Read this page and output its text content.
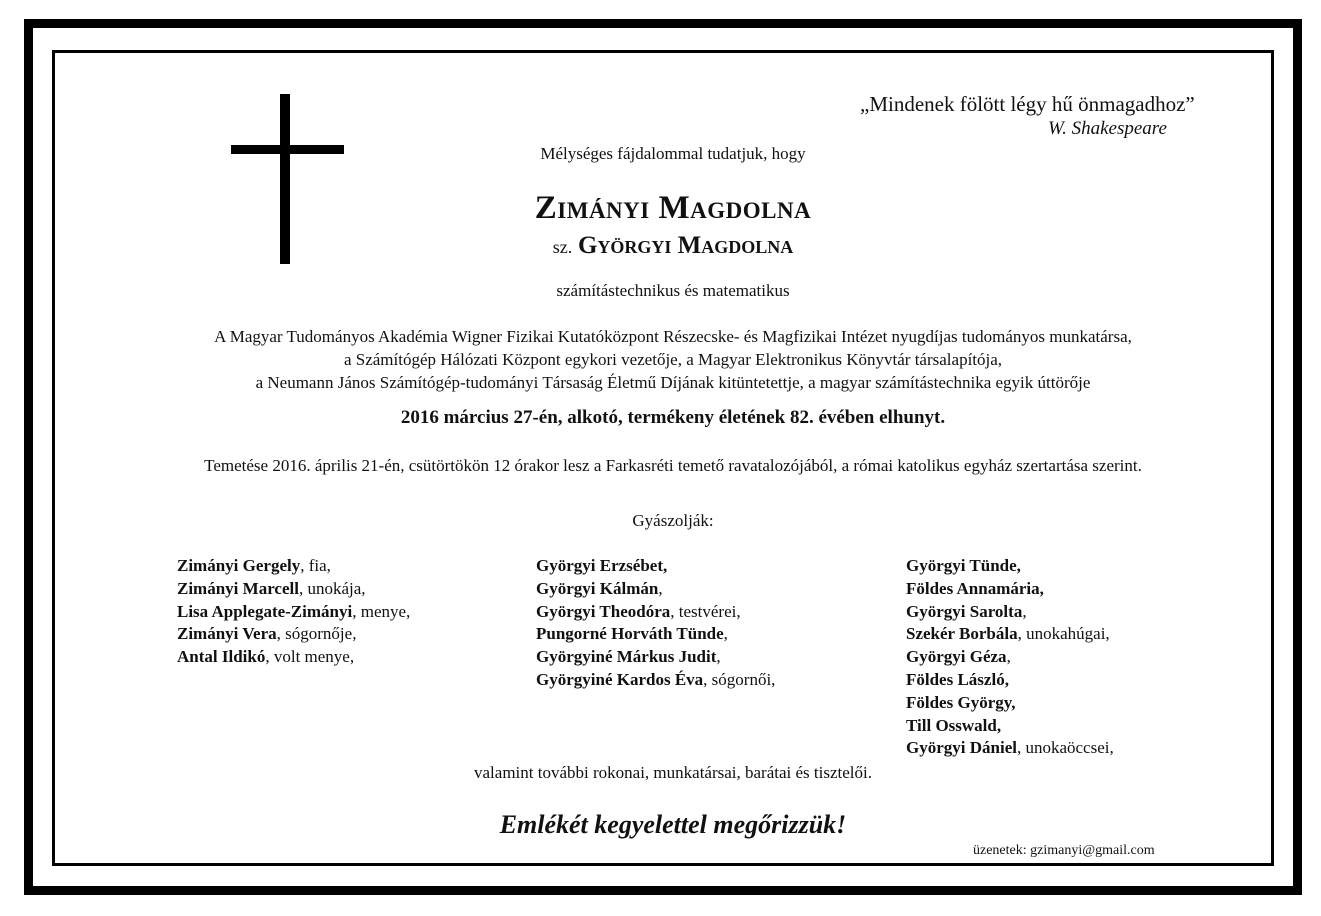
„Mindenek fölött légy hű önmagadhoz”
W. Shakespeare
Mélységes fájdalommal tudatjuk, hogy
Zimányi Magdolna
sz. Györgyi Magdolna
számítástechnikus és matematikus
A Magyar Tudományos Akadémia Wigner Fizikai Kutatóközpont Részecske- és Magfizikai Intézet nyugdíjas tudományos munkatársa,
a Számítógép Hálózati Központ egykori vezetője, a Magyar Elektronikus Könyvtár társalapítója,
a Neumann János Számítógép-tudományi Társaság Életmű Díjának kitüntetettje, a magyar számítástechnika egyik úttörője
2016 március 27-én, alkotó, termékeny életének 82. évében elhunyt.
Temetése 2016. április 21-én, csütörtökön 12 órakor lesz a Farkasréti temető ravatalozójából, a római katolikus egyház szertartása szerint.
Gyászolják:
Zimányi Gergely, fia,
Zimányi Marcell, unokája,
Lisa Applegate-Zimányi, menye,
Zimányi Vera, sógornője,
Antal Ildikó, volt menye,
Györgyi Erzsébet,
Györgyi Kálmán,
Györgyi Theodóra, testvérei,
Pungorné Horváth Tünde,
Györgyiné Márkus Judit,
Györgyiné Kardos Éva, sógornői,
Györgyi Tünde,
Földes Annamária,
Györgyi Sarolta,
Szekér Borbála, unokahúgai,
Györgyi Géza,
Földes László,
Földes György,
Till Osswald,
Györgyi Dániel, unokaöccsei,
valamint további rokonai, munkatársai, barátai és tisztelői.
Emlékét kegyelettel megőrizzük!
üzenetek: gzimanyi@gmail.com
